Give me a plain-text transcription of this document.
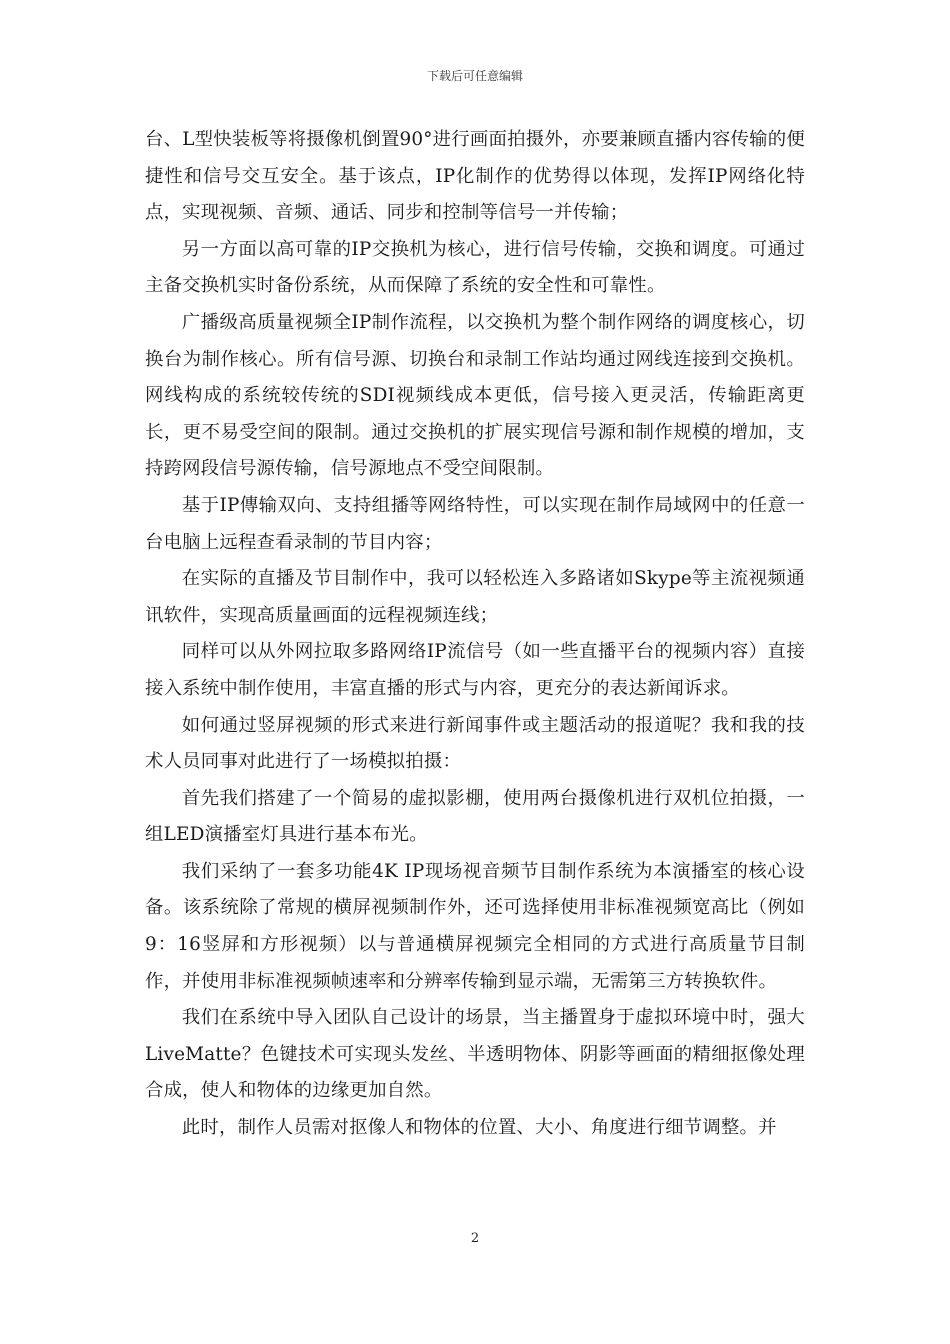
下载后可任意编辑

台、L型快装板等将摄像机倒置90°进行画面拍摄外，亦要兼顾直播内容传输的便捷性和信号交互安全。基于该点，IP化制作的优势得以体现，发挥IP网络化特点，实现视频、音频、通话、同步和控制等信号一并传输；

另一方面以高可靠的IP交换机为核心，进行信号传输，交换和调度。可通过主备交换机实时备份系统，从而保障了系统的安全性和可靠性。

广播级高质量视频全IP制作流程，以交换机为整个制作网络的调度核心，切换台为制作核心。所有信号源、切换台和录制工作站均通过网线连接到交换机。网线构成的系统较传统的SDI视频线成本更低，信号接入更灵活，传输距离更长，更不易受空间的限制。通过交换机的扩展实现信号源和制作规模的增加，支持跨网段信号源传输，信号源地点不受空间限制。

基于IP傳输双向、支持组播等网络特性，可以实现在制作局域网中的任意一台电脑上远程查看录制的节目内容；

在实际的直播及节目制作中，我可以轻松连入多路诸如Skype等主流视频通讯软件，实现高质量画面的远程视频连线；

同样可以从外网拉取多路网络IP流信号（如一些直播平台的视频内容）直接接入系统中制作使用，丰富直播的形式与内容，更充分的表达新闻诉求。

如何通过竖屏视频的形式来进行新闻事件或主题活动的报道呢？我和我的技术人员同事对此进行了一场模拟拍摄：

首先我们搭建了一个简易的虚拟影棚，使用两台摄像机进行双机位拍摄，一组LED演播室灯具进行基本布光。

我们采纳了一套多功能4K IP现场视音频节目制作系统为本演播室的核心设备。该系统除了常规的横屏视频制作外，还可选择使用非标准视频宽高比（例如9：16竖屏和方形视频）以与普通横屏视频完全相同的方式进行高质量节目制作，并使用非标准视频帧速率和分辨率传输到显示端，无需第三方转换软件。

我们在系统中导入团队自己设计的场景，当主播置身于虚拟环境中时，强大LiveMatte？色键技术可实现头发丝、半透明物体、阴影等画面的精细抠像处理合成，使人和物体的边缘更加自然。

此时，制作人员需对抠像人和物体的位置、大小、角度进行细节调整。并

2
